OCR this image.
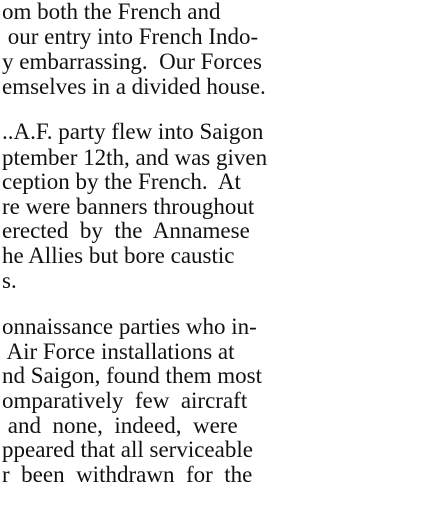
om both the French and
our entry into French Indo-
y embarrassing.  Our Forces
emselves in a divided house.
..A.F. party flew into Saigon
ptember 12th, and was given
ception by the French.  At
re were banners throughout
erected  by  the  Annamese
he Allies but bore caustic
s.
onnaissance parties who in-
Air Force installations at
nd Saigon, found them most
omparatively  few  aircraft
and  none,  indeed,  were
ppeared that all serviceable
r  been  withdrawn  for  the
